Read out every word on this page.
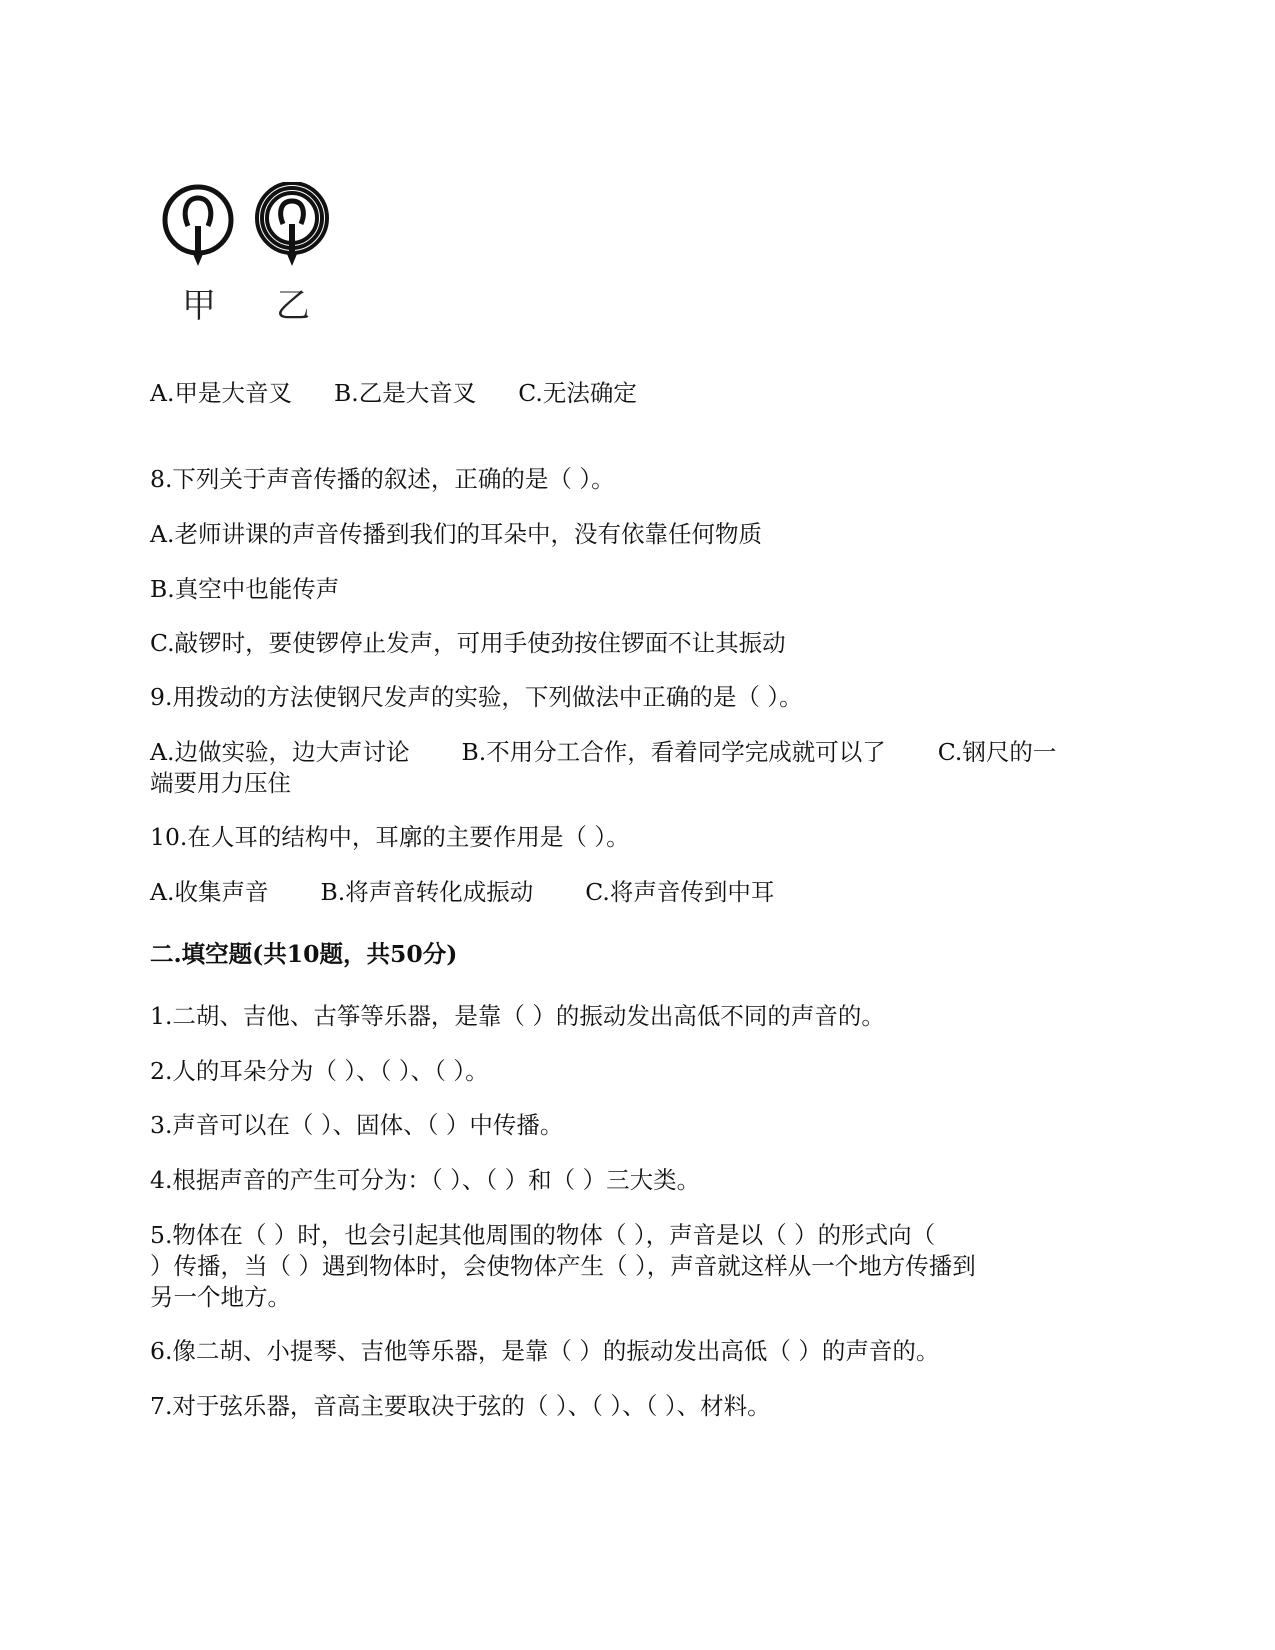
甲 乙
A.甲是大音叉 B.乙是大音叉 C.无法确定
8.下列关于声音传播的叙述，正确的是（ ）。
A.老师讲课的声音传播到我们的耳朵中，没有依靠任何物质
B.真空中也能传声
C.敲锣时，要使锣停止发声，可用手使劲按住锣面不让其振动
9.用拨动的方法使钢尺发声的实验，下列做法中正确的是（ ）。
A.边做实验，边大声讨论 B.不用分工合作，看着同学完成就可以了 C.钢尺的一
端要用力压住
10.在人耳的结构中，耳廓的主要作用是（ ）。
A.收集声音 B.将声音转化成振动 C.将声音传到中耳
二.填空题(共10题，共50分)
1.二胡、吉他、古筝等乐器，是靠（ ）的振动发出高低不同的声音的。
2.人的耳朵分为（ ）、（ ）、（ ）。
3.声音可以在（ ）、固体、（ ）中传播。
4.根据声音的产生可分为：（ ）、（ ）和（ ）三大类。
5.物体在（ ）时，也会引起其他周围的物体（ ），声音是以（ ）的形式向（
）传播，当（ ）遇到物体时，会使物体产生（ ），声音就这样从一个地方传播到
另一个地方。
6.像二胡、小提琴、吉他等乐器，是靠（ ）的振动发出高低（ ）的声音的。
7.对于弦乐器，音高主要取决于弦的（ ）、（ ）、（ ）、材料。
